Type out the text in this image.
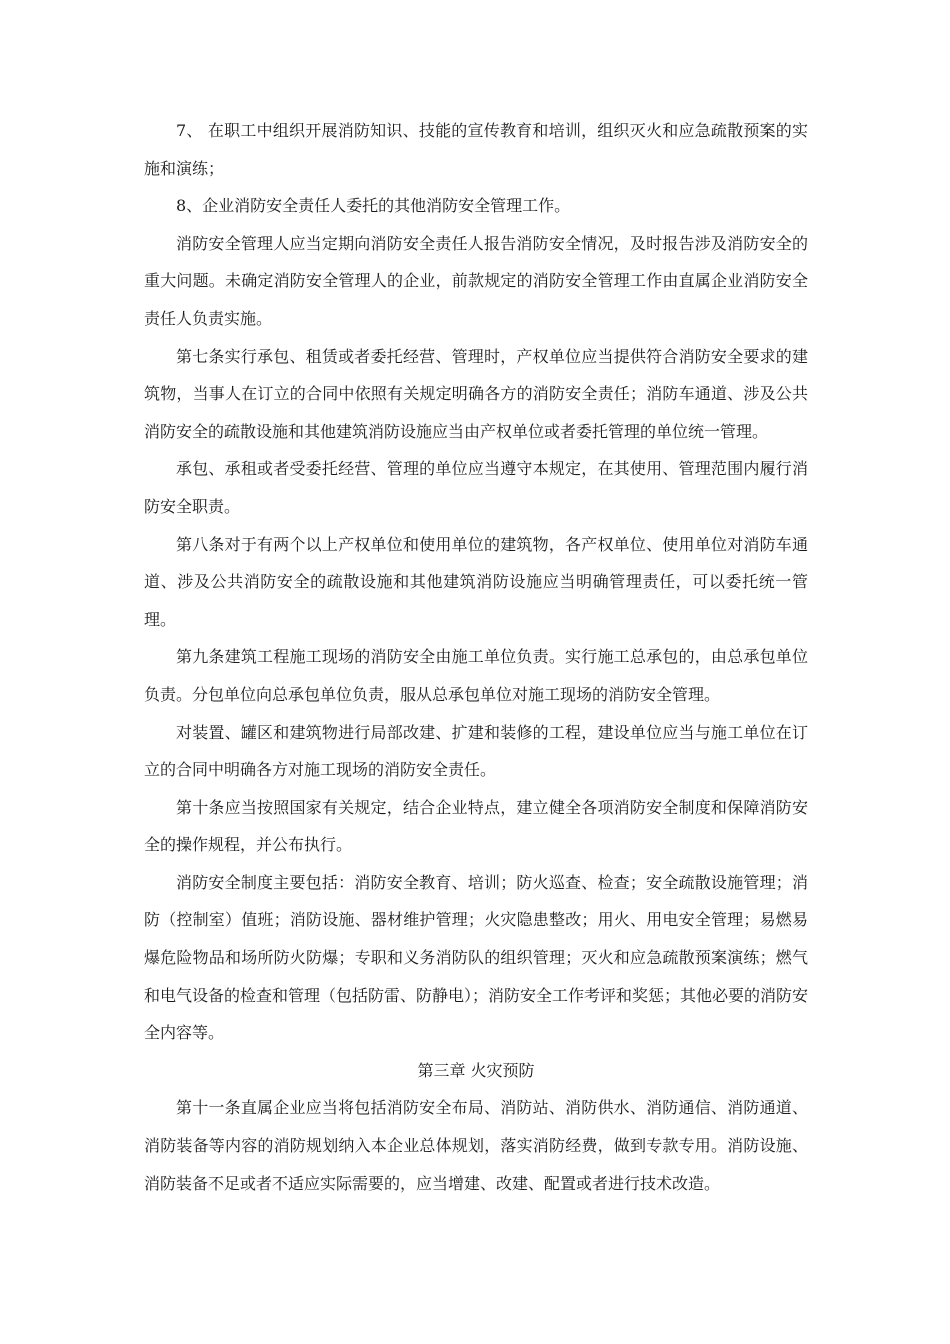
7、 在职工中组织开展消防知识、技能的宣传教育和培训，组织灭火和应急疏散预案的实施和演练；

8、企业消防安全责任人委托的其他消防安全管理工作。

消防安全管理人应当定期向消防安全责任人报告消防安全情况，及时报告涉及消防安全的重大问题。未确定消防安全管理人的企业，前款规定的消防安全管理工作由直属企业消防安全责任人负责实施。

第七条实行承包、租赁或者委托经营、管理时，产权单位应当提供符合消防安全要求的建筑物，当事人在订立的合同中依照有关规定明确各方的消防安全责任；消防车通道、涉及公共消防安全的疏散设施和其他建筑消防设施应当由产权单位或者委托管理的单位统一管理。

承包、承租或者受委托经营、管理的单位应当遵守本规定，在其使用、管理范围内履行消防安全职责。

第八条对于有两个以上产权单位和使用单位的建筑物，各产权单位、使用单位对消防车通道、涉及公共消防安全的疏散设施和其他建筑消防设施应当明确管理责任，可以委托统一管理。

第九条建筑工程施工现场的消防安全由施工单位负责。实行施工总承包的，由总承包单位负责。分包单位向总承包单位负责，服从总承包单位对施工现场的消防安全管理。

对装置、罐区和建筑物进行局部改建、扩建和装修的工程，建设单位应当与施工单位在订立的合同中明确各方对施工现场的消防安全责任。

第十条应当按照国家有关规定，结合企业特点，建立健全各项消防安全制度和保障消防安全的操作规程，并公布执行。

消防安全制度主要包括：消防安全教育、培训；防火巡查、检查；安全疏散设施管理；消防（控制室）值班；消防设施、器材维护管理；火灾隐患整改；用火、用电安全管理；易燃易爆危险物品和场所防火防爆；专职和义务消防队的组织管理；灭火和应急疏散预案演练；燃气和电气设备的检查和管理（包括防雷、防静电）；消防安全工作考评和奖惩；其他必要的消防安全内容等。

第三章 火灾预防

第十一条直属企业应当将包括消防安全布局、消防站、消防供水、消防通信、消防通道、消防装备等内容的消防规划纳入本企业总体规划，落实消防经费，做到专款专用。消防设施、消防装备不足或者不适应实际需要的，应当增建、改建、配置或者进行技术改造。
